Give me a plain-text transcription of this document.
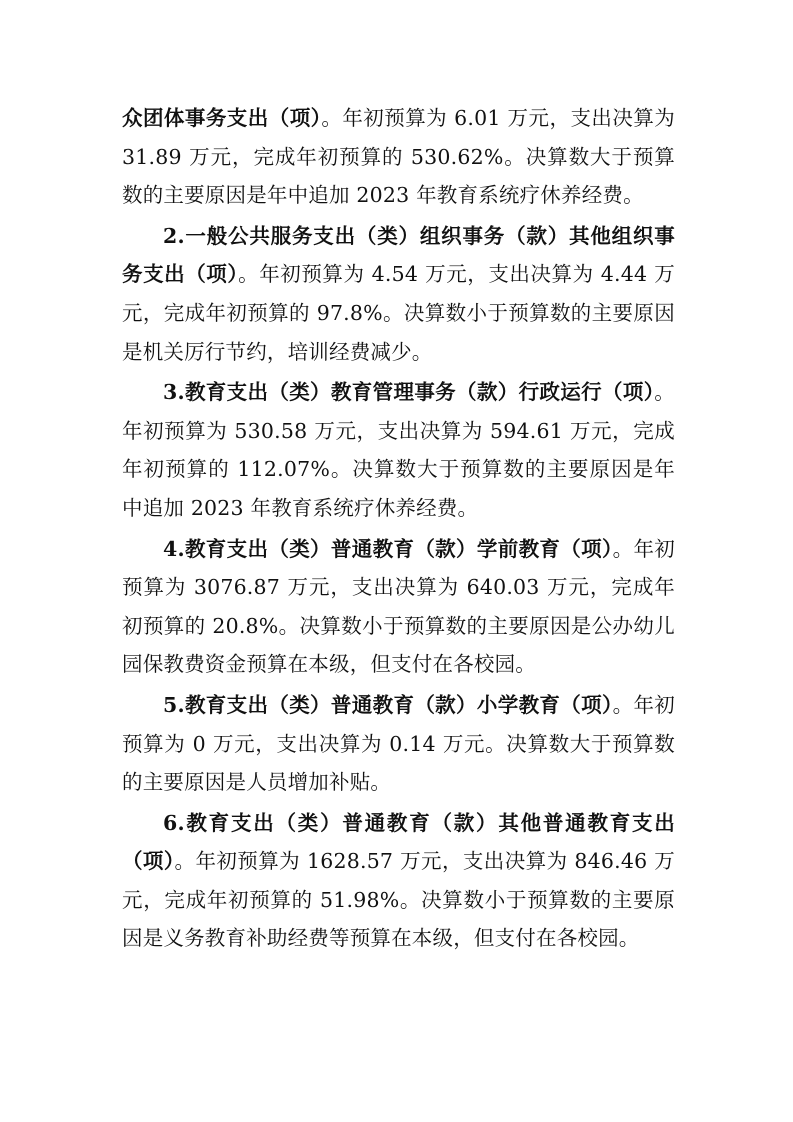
众团体事务支出（项）。年初预算为 6.01 万元，支出决算为 31.89 万元，完成年初预算的 530.62%。决算数大于预算数的主要原因是年中追加 2023 年教育系统疗休养经费。

2.一般公共服务支出（类）组织事务（款）其他组织事务支出（项）。年初预算为 4.54 万元，支出决算为 4.44 万元，完成年初预算的 97.8%。决算数小于预算数的主要原因是机关厉行节约，培训经费减少。

3.教育支出（类）教育管理事务（款）行政运行（项）。年初预算为 530.58 万元，支出决算为 594.61 万元，完成年初预算的 112.07%。决算数大于预算数的主要原因是年中追加 2023 年教育系统疗休养经费。

4.教育支出（类）普通教育（款）学前教育（项）。年初预算为 3076.87 万元，支出决算为 640.03 万元，完成年初预算的 20.8%。决算数小于预算数的主要原因是公办幼儿园保教费资金预算在本级，但支付在各校园。

5.教育支出（类）普通教育（款）小学教育（项）。年初预算为 0 万元，支出决算为 0.14 万元。决算数大于预算数的主要原因是人员增加补贴。

6.教育支出（类）普通教育（款）其他普通教育支出（项）。年初预算为 1628.57 万元，支出决算为 846.46 万元，完成年初预算的 51.98%。决算数小于预算数的主要原因是义务教育补助经费等预算在本级，但支付在各校园。
